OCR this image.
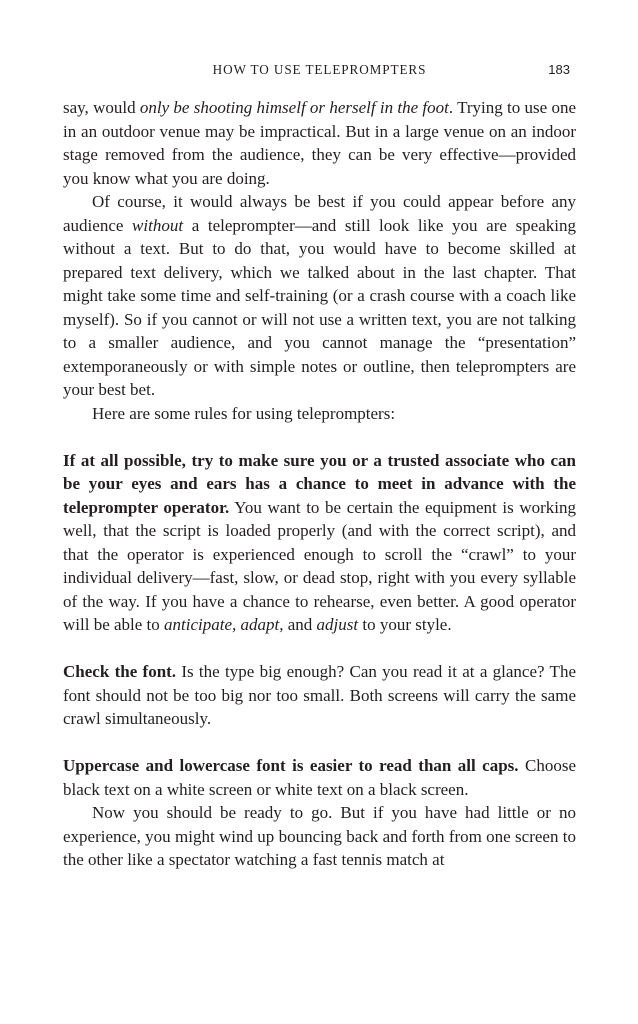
HOW TO USE TELEPROMPTERS	183

say, would only be shooting himself or herself in the foot. Trying to use one in an outdoor venue may be impractical. But in a large venue on an indoor stage removed from the audience, they can be very effective—provided you know what you are doing.

Of course, it would always be best if you could appear before any audience without a teleprompter—and still look like you are speaking without a text. But to do that, you would have to become skilled at prepared text delivery, which we talked about in the last chapter. That might take some time and self-training (or a crash course with a coach like myself). So if you cannot or will not use a written text, you are not talking to a smaller audience, and you cannot manage the “presentation” extemporaneously or with simple notes or outline, then teleprompters are your best bet.

Here are some rules for using teleprompters:

If at all possible, try to make sure you or a trusted associate who can be your eyes and ears has a chance to meet in advance with the teleprompter operator. You want to be certain the equipment is working well, that the script is loaded properly (and with the correct script), and that the operator is experienced enough to scroll the “crawl” to your individual delivery—fast, slow, or dead stop, right with you every syllable of the way. If you have a chance to rehearse, even better. A good operator will be able to anticipate, adapt, and adjust to your style.

Check the font. Is the type big enough? Can you read it at a glance? The font should not be too big nor too small. Both screens will carry the same crawl simultaneously.

Uppercase and lowercase font is easier to read than all caps. Choose black text on a white screen or white text on a black screen.

Now you should be ready to go. But if you have had little or no experience, you might wind up bouncing back and forth from one screen to the other like a spectator watching a fast tennis match at
